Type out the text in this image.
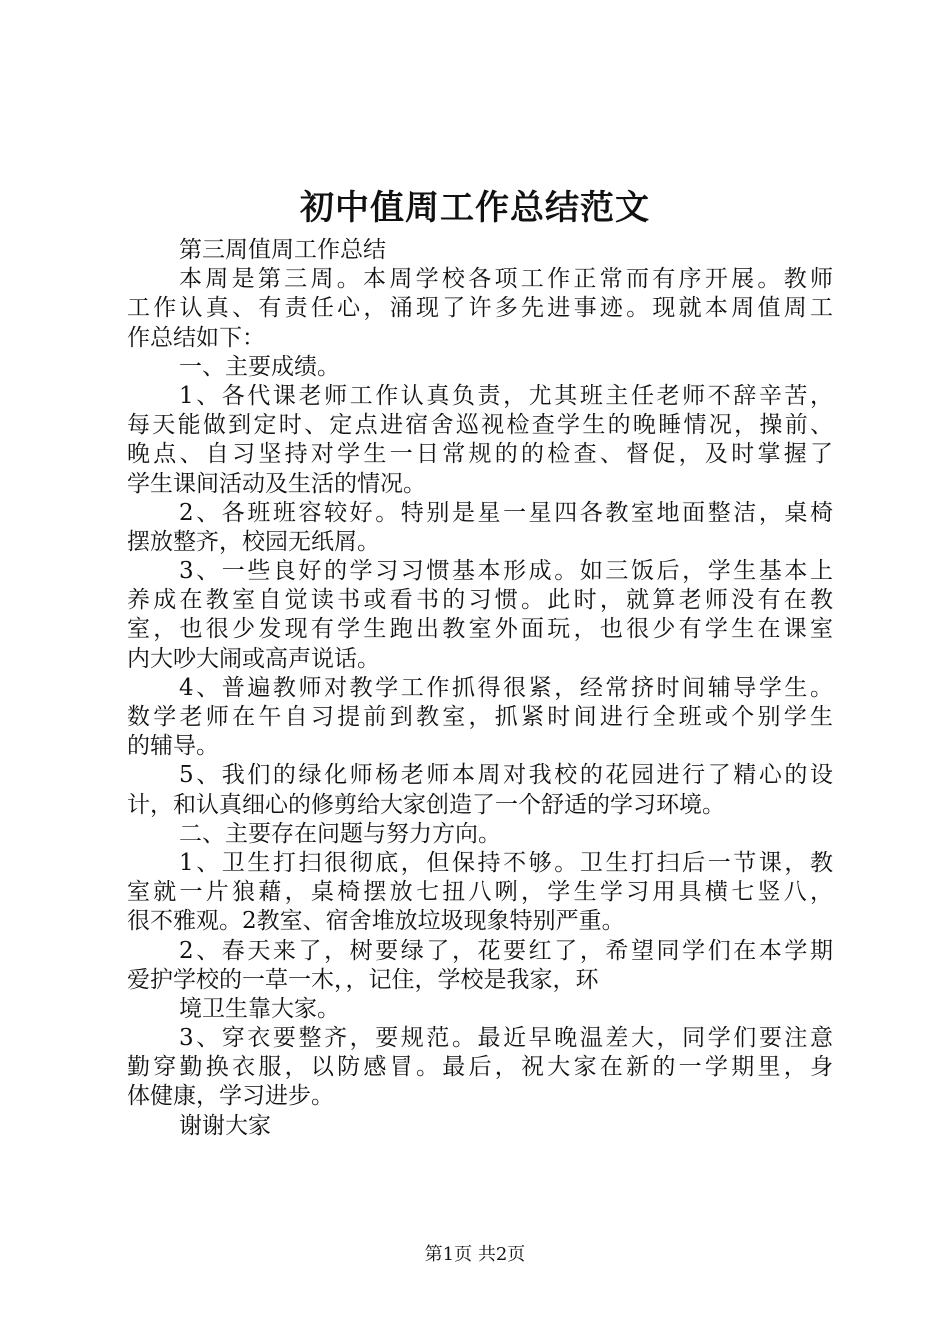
初中值周工作总结范文
第三周值周工作总结
本周是第三周。本周学校各项工作正常而有序开展。教师
工作认真、有责任心，涌现了许多先进事迹。现就本周值周工
作总结如下：
一、主要成绩。
1、各代课老师工作认真负责，尤其班主任老师不辞辛苦，
每天能做到定时、定点进宿舍巡视检查学生的晚睡情况，操前、
晚点、自习坚持对学生一日常规的的检查、督促，及时掌握了
学生课间活动及生活的情况。
2、各班班容较好。特别是星一星四各教室地面整洁，桌椅
摆放整齐，校园无纸屑。
3、一些良好的学习习惯基本形成。如三饭后，学生基本上
养成在教室自觉读书或看书的习惯。此时，就算老师没有在教
室，也很少发现有学生跑出教室外面玩，也很少有学生在课室
内大吵大闹或高声说话。
4、普遍教师对教学工作抓得很紧，经常挤时间辅导学生。
数学老师在午自习提前到教室，抓紧时间进行全班或个别学生
的辅导。
5、我们的绿化师杨老师本周对我校的花园进行了精心的设
计，和认真细心的修剪给大家创造了一个舒适的学习环境。
二、主要存在问题与努力方向。
1、卫生打扫很彻底，但保持不够。卫生打扫后一节课，教
室就一片狼藉，桌椅摆放七扭八咧，学生学习用具横七竖八，
很不雅观。2教室、宿舍堆放垃圾现象特别严重。
2、春天来了，树要绿了，花要红了，希望同学们在本学期
爱护学校的一草一木，，记住，学校是我家，环
境卫生靠大家。
3、穿衣要整齐，要规范。最近早晚温差大，同学们要注意
勤穿勤换衣服，以防感冒。最后，祝大家在新的一学期里，身
体健康，学习进步。
谢谢大家
第1页 共2页
